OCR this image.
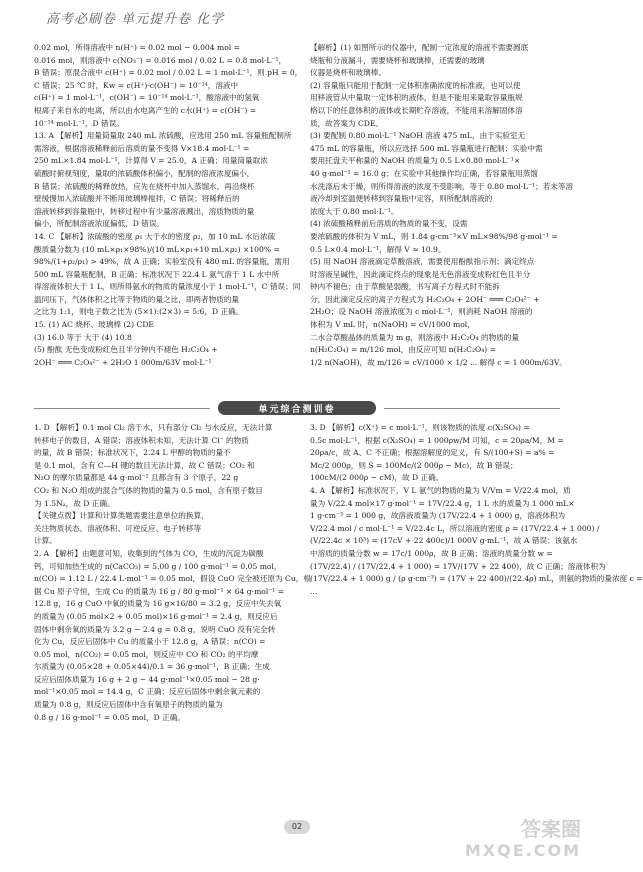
高考必刷卷 单元提升卷 化学

0.02 mol，所得溶液中 n(H⁺) = 0.02 mol − 0.004 mol =

0.016 mol，则溶液中 c(NO₃⁻) = 0.016 mol / 0.02 L = 0.8 mol·L⁻¹，

B 错误；原混合液中 c(H⁺) = 0.02 mol / 0.02 L = 1 mol·L⁻¹，则 pH = 0，

C 错误；25 ℃ 时，Kw = c(H⁺)·c(OH⁻) = 10⁻¹⁴，溶液中

c(H⁺) = 1 mol·L⁻¹，c(OH⁻) = 10⁻¹⁴ mol·L⁻¹，酸溶液中的氢氧

根离子来自水的电离，所以由水电离产生的 c水(H⁺) = c(OH⁻) =

10⁻¹⁴ mol·L⁻¹，D 错误。

13. A 【解析】用量筒量取 240 mL 浓硫酸，应选用 250 mL 容量瓶配制所

需溶液，根据溶液稀释前后溶质的量不变得 V×18.4 mol·L⁻¹ =

250 mL×1.84 mol·L⁻¹，计算得 V = 25.0，A 正确；用量筒量取浓

硫酸时俯视刻度，量取的浓硫酸体积偏小，配制的溶液浓度偏小，

B 错误；浓硫酸的稀释放热，应先在烧杯中加入蒸馏水，再沿烧杯

壁缓慢加入浓硫酸并不断用玻璃棒搅拌，C 错误；将稀释后的

溶液转移到容量瓶中，转移过程中有少量溶液溅出，溶质物质的量

偏小，所配制溶液浓度偏低，D 错误。

14. C 【解析】浓硫酸的密度 ρ₁ 大于水的密度 ρ₂，加 10 mL 水后浓硫

酸质量分数为 (10 mL×ρ₁×98%)/(10 mL×ρ₁+10 mL×ρ₂) ×100% =

98%/(1+ρ₂/ρ₁) > 49%，故 A 正确；实验室没有 480 mL 的容量瓶，需用

500 mL 容量瓶配制，B 正确；标准状况下 22.4 L 氨气溶于 1 L 水中所

得溶液体积大于 1 L，则所得氨水的物质的量浓度小于 1 mol·L⁻¹，C 错误；同

温同压下，气体体积之比等于物质的量之比，即两者物质的量

之比为 1:1，则电子数之比为 (5×1):(2×3) = 5:6，D 正确。

15. (1) AC 烧杯、玻璃棒 (2) CDE

(3) 16.0 等于 大于 (4) 10.8

(5) 酚酞 无色变成粉红色且半分钟内不褪色 H₂C₂O₄ +

2OH⁻ ═══ C₂O₄²⁻ + 2H₂O 1 000m/63V mol·L⁻¹

【解析】(1) 如图所示的仪器中，配制一定浓度的溶液不需要圆底

烧瓶和分液漏斗，需要烧杯和玻璃棒，还需要的玻璃

仪器是烧杯和玻璃棒。

(2) 容量瓶只能用于配制一定体积准确浓度的标准液，也可以使

用移液管从中量取一定体积的液体，但是不能用来量取容量瓶规

格以下的任意体积的液体或长期贮存溶液，不能用来溶解固体溶

质，故答案为 CDE。

(3) 要配制 0.80 mol·L⁻¹ NaOH 溶液 475 mL，由于实验室无

475 mL 的容量瓶，所以应选择 500 mL 容量瓶进行配制；实验中需

要用托盘天平称量的 NaOH 的质量为 0.5 L×0.80 mol·L⁻¹×

40 g·mol⁻¹ = 16.0 g；在实验中其他操作均正确，若容量瓶用蒸馏

水洗涤后未干燥，则所得溶液的浓度不受影响，等于 0.80 mol·L⁻¹；若未等溶

液冷却到室温便转移到容量瓶中定容，则所配制溶液的

浓度大于 0.80 mol·L⁻¹。

(4) 浓硫酸稀释前后溶质的物质的量不变，设需

要浓硫酸的体积为 V mL，则 1.84 g·cm⁻³×V mL×98%/98 g·mol⁻¹ =

0.5 L×0.4 mol·L⁻¹，解得 V ≈ 10.9。

(5) 用 NaOH 溶液滴定草酸溶液，需要使用酚酞指示剂；滴定终点

时溶液呈碱性，因此滴定终点的现象是无色溶液变成粉红色且半分

钟内不褪色；由于草酸是弱酸，书写离子方程式时不能拆

分，因此滴定反应的离子方程式为 H₂C₂O₄ + 2OH⁻ ═══ C₂O₄²⁻ +

2H₂O；设 NaOH 溶液浓度为 c mol·L⁻¹，则消耗 NaOH 溶液的

体积为 V mL 时，n(NaOH) = cV/1000 mol，

二水合草酸晶体的质量为 m g，则溶液中 H₂C₂O₄ 的物质的量

n(H₂C₂O₄) = m/126 mol，由反应可知 n(H₂C₂O₄) =

1/2 n(NaOH)，故 m/126 = cV/1000 × 1/2 ... 解得 c = 1 000m/63V。

单元综合测训卷

1. D 【解析】0.1 mol Cl₂ 溶于水，只有部分 Cl₂ 与水反应，无法计算

转移电子的数目，A 错误；溶液体积未知，无法计算 Cl⁻ 的物质

的量，故 B 错误；标准状况下，2.24 L 甲醇的物质的量不

是 0.1 mol，含有 C—H 键的数目无法计算，故 C 错误；CO₂ 和

N₂O 的摩尔质量都是 44 g·mol⁻¹ 且都含有 3 个原子，22 g

CO₂ 和 N₂O 组成的混合气体的物质的量为 0.5 mol，含有原子数目

为 1.5Nₐ，故 D 正确。

【关键点拨】计算和计算类题需要注意单位的换算，

关注物质状态、溶液体积、可逆反应、电子转移等

计算。

2. A 【解析】由题意可知，收集到的气体为 CO，生成的沉淀为碳酸

钙，可知加热生成的 n(CaCO₃) = 5.00 g / 100 g·mol⁻¹ = 0.05 mol，

n(CO) = 1.12 L / 22.4 L·mol⁻¹ = 0.05 mol，假设 CuO 完全被还原为 Cu，根

据 Cu 原子守恒，生成 Cu 的质量为 16 g / 80 g·mol⁻¹ × 64 g·mol⁻¹ =

12.8 g，16 g CuO 中氧的质量为 16 g×16/80 = 3.2 g，反应中失去氧

的质量为 (0.05 mol×2 + 0.05 mol)×16 g·mol⁻¹ = 2.4 g，则反应后

固体中剩余氧的质量为 3.2 g − 2.4 g = 0.8 g，说明 CuO 没有完全转

化为 Cu，反应后固体中 Cu 的质量小于 12.8 g，A 错误；n(CO) =

0.05 mol，n(CO₂) = 0.05 mol，则反应中 CO 和 CO₂ 的平均摩

尔质量为 (0.05×28 + 0.05×44)/0.1 = 36 g·mol⁻¹，B 正确；生成

反应后固体质量为 16 g + 2 g − 44 g·mol⁻¹×0.05 mol − 28 g·

mol⁻¹×0.05 mol = 14.4 g，C 正确；反应后固体中剩余氧元素的

质量为 0.8 g，则反应后固体中含有氧原子的物质的量为

0.8 g / 16 g·mol⁻¹ = 0.05 mol，D 正确。

3. D 【解析】c(X⁺) = c mol·L⁻¹，则该物质的浓度 c(X₂SO₄) =

0.5c mol·L⁻¹，根据 c(X₂SO₄) = 1 000ρw/M 可知，c = 20ρa/M，M =

20ρa/c，故 A、C 不正确；根据溶解度的定义，有 S/(100+S) = a% =

Mc/2 000ρ，则 S = 100Mc/(2 000ρ − Mc)，故 B 错误；

100cM/(2 000ρ − cM)，故 D 正确。

4. A 【解析】标准状况下，V L 氨气的物质的量为 V/Vm = V/22.4 mol，质

量为 V/22.4 mol×17 g·mol⁻¹ = 17V/22.4 g，1 L 水的质量为 1 000 mL×

1 g·cm⁻³ = 1 000 g，故溶液质量为 (17V/22.4 + 1 000) g，溶液体积为

V/22.4 mol / c mol·L⁻¹ = V/22.4c L，所以溶液的密度 ρ = (17V/22.4 + 1 000) /

(V/22.4c × 10³) = (17cV + 22 400c)/1 000V g·mL⁻¹，故 A 错误；该氨水

中溶质的质量分数 w = 17c/1 000ρ，故 B 正确；溶液的质量分数 w =

(17V/22.4) / (17V/22.4 + 1 000) = 17V/(17V + 22 400)，故 C 正确；溶液体积为

(17V/22.4 + 1 000) g / (ρ g·cm⁻³) = (17V + 22 400)/(22.4ρ) mL，则氨的物质的量浓度 c =

...

02	答案圈
MXQE.COM
